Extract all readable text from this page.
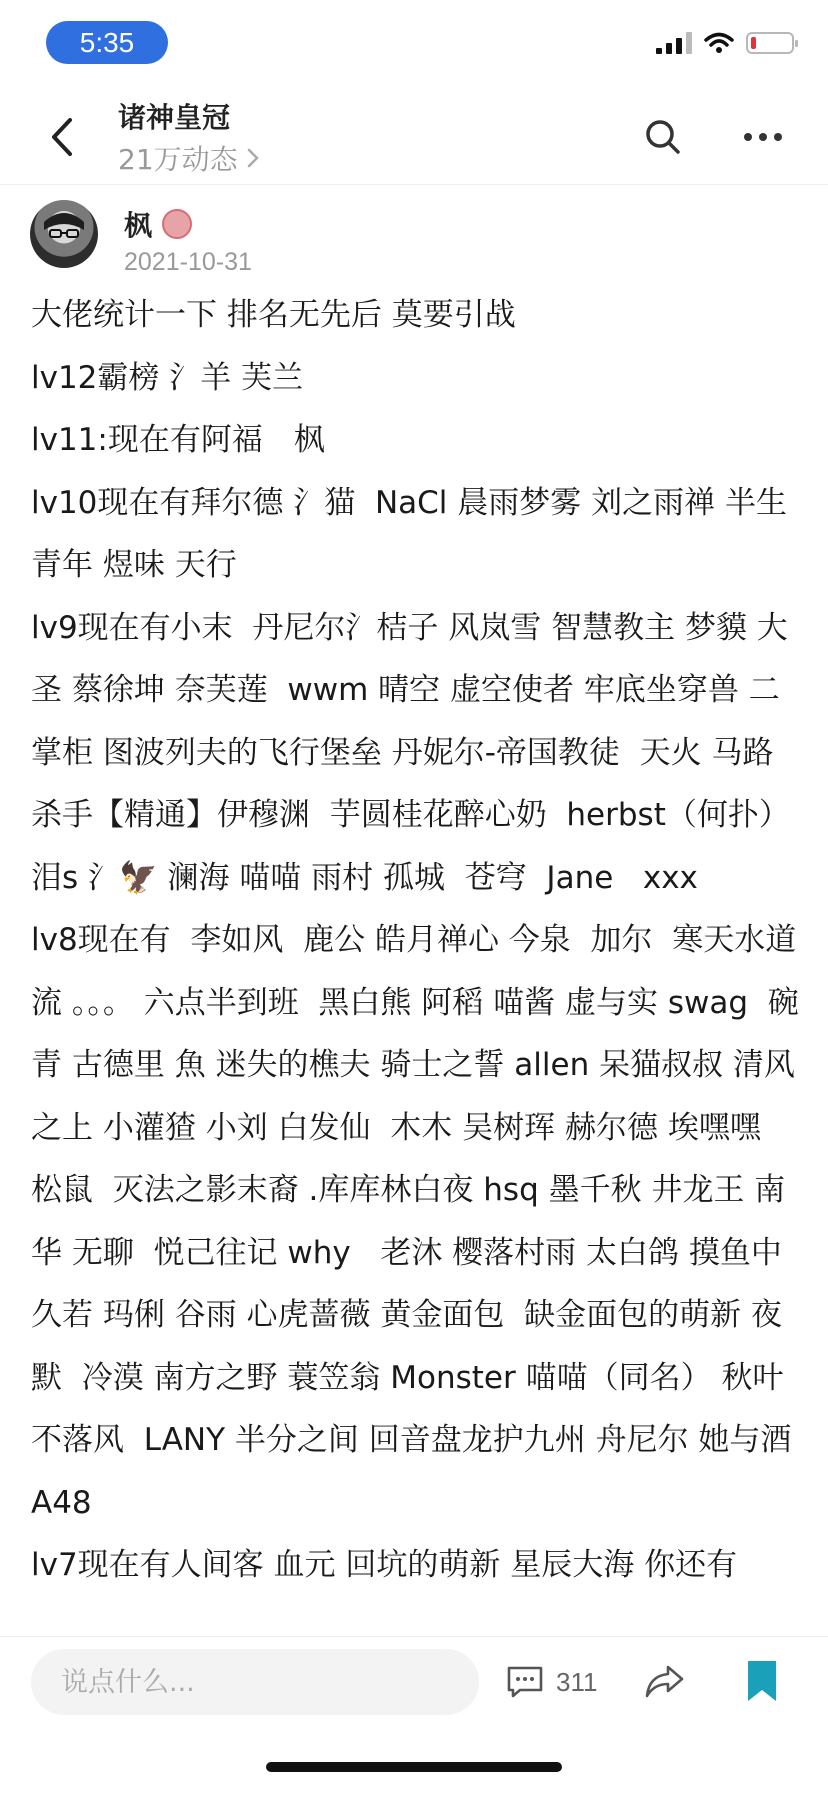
5:35
诸神皇冠
21万动态
枫
2021-10-31

大佬统计一下 排名无先后 莫要引战

lv12霸榜 氵羊 芙兰

lv11:现在有阿福　枫

lv10现在有拜尔德 氵猫  NaCl 晨雨梦雾 刘之雨禅 半生青年 煜味 天行

lv9现在有小末  丹尼尔氵桔子 风岚雪 智慧教主 梦貘 大圣 蔡徐坤 奈芙莲  wwm 晴空 虚空使者 牢底坐穿兽 二掌柜 图波列夫的飞行堡垒 丹妮尔-帝国教徒  天火 马路杀手【精通】伊穆渊  芋圆桂花醉心奶  herbst（何扑）泪s 氵🦅 澜海 喵喵 雨村 孤城  苍穹  Jane   xxx

lv8现在有  李如风  鹿公 皓月禅心 今泉  加尔  寒天水道流 。。。 六点半到班  黑白熊 阿稻 喵酱 虚与实 swag  碗青 古德里 魚 迷失的樵夫 骑士之誓 allen 呆猫叔叔 清风之上 小灌猹 小刘 白发仙  木木 吴树珲 赫尔德 埃嘿嘿 松鼠  灭法之影末裔 .库库林白夜 hsq 墨千秋 井龙王 南华 无聊  悦己往记 why   老沐 樱落村雨 太白鸽 摸鱼中 久若 玛俐 谷雨 心虎蔷薇 黄金面包  缺金面包的萌新 夜默  冷漠 南方之野 蓑笠翁 Monster 喵喵（同名） 秋叶不落风  LANY 半分之间 回音盘龙护九州 舟尼尔 她与酒 A48

lv7现在有人间客 血元 回坑的萌新 星辰大海 你还有

说点什么...
311
